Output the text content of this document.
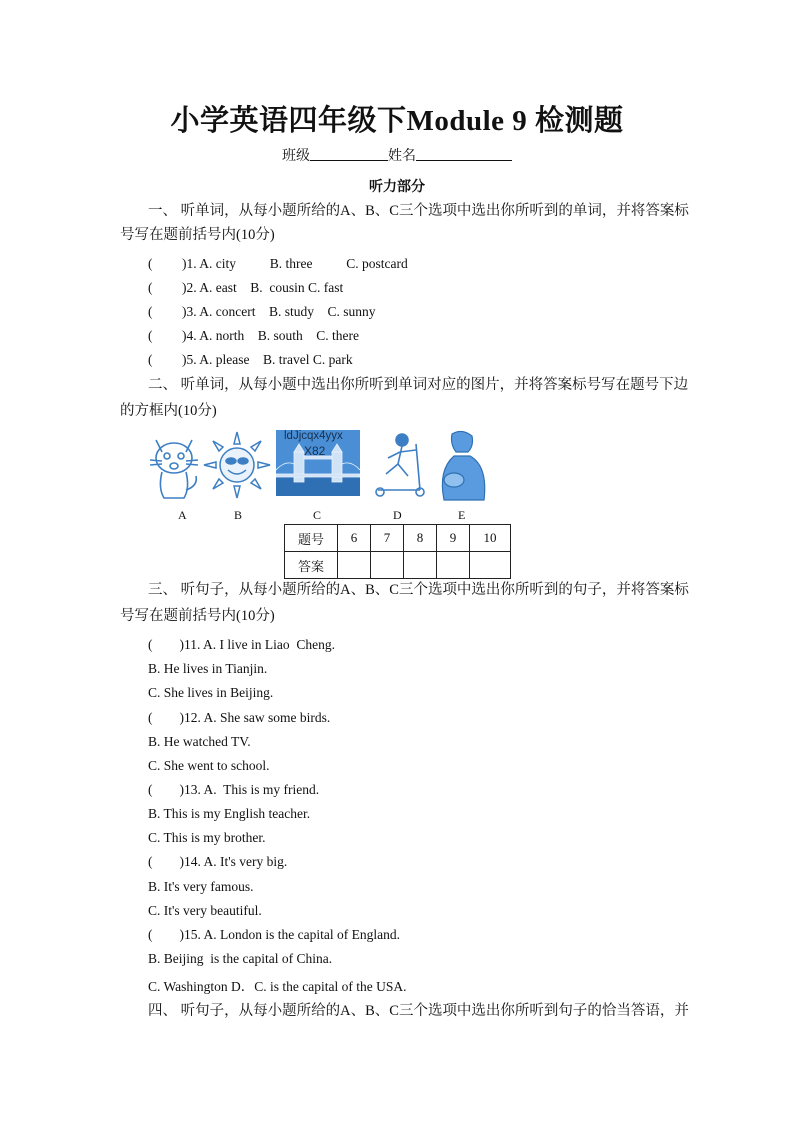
小学英语四年级下Module 9 检测题
班级	姓名
听力部分
一、 听单词，从每小题所给的A、B、C三个选项中选出你所听到的单词，并将答案标
号写在题前括号内(10分)
( )1. A. city          B. three          C. postcard
( )2. A. east    B.  cousin C. fast
( )3. A. concert    B. study    C. sunny
( )4. A. north    B. south    C. there
( )5. A. please    B. travel C. park
二、 听单词，从每小题中选出你所听到单词对应的图片，并将答案标号写在题号下边
的方框内(10分)
ldJjcqx4yyx
X82
A	B	C	D	E
题号	6	7	8	9	10
答案					
三、 听句子，从每小题所给的A、B、C三个选项中选出你所听到的句子，并将答案标
号写在题前括号内(10分)
(        )11. A. I live in Liao  Cheng.
B. He lives in Tianjin.
C. She lives in Beijing.
(        )12. A. She saw some birds.
B. He watched TV.
C. She went to school.
(        )13. A.  This is my friend.
B. This is my English teacher.
C. This is my brother.
(        )14. A. It's very big.
B. It's very famous.
C. It's very beautiful.
(        )15. A. London is the capital of England.
B. Beijing  is the capital of China.
C. Washington D．C. is the capital of the USA.
四、 听句子，从每小题所给的A、B、C三个选项中选出你所听到句子的恰当答语，并
